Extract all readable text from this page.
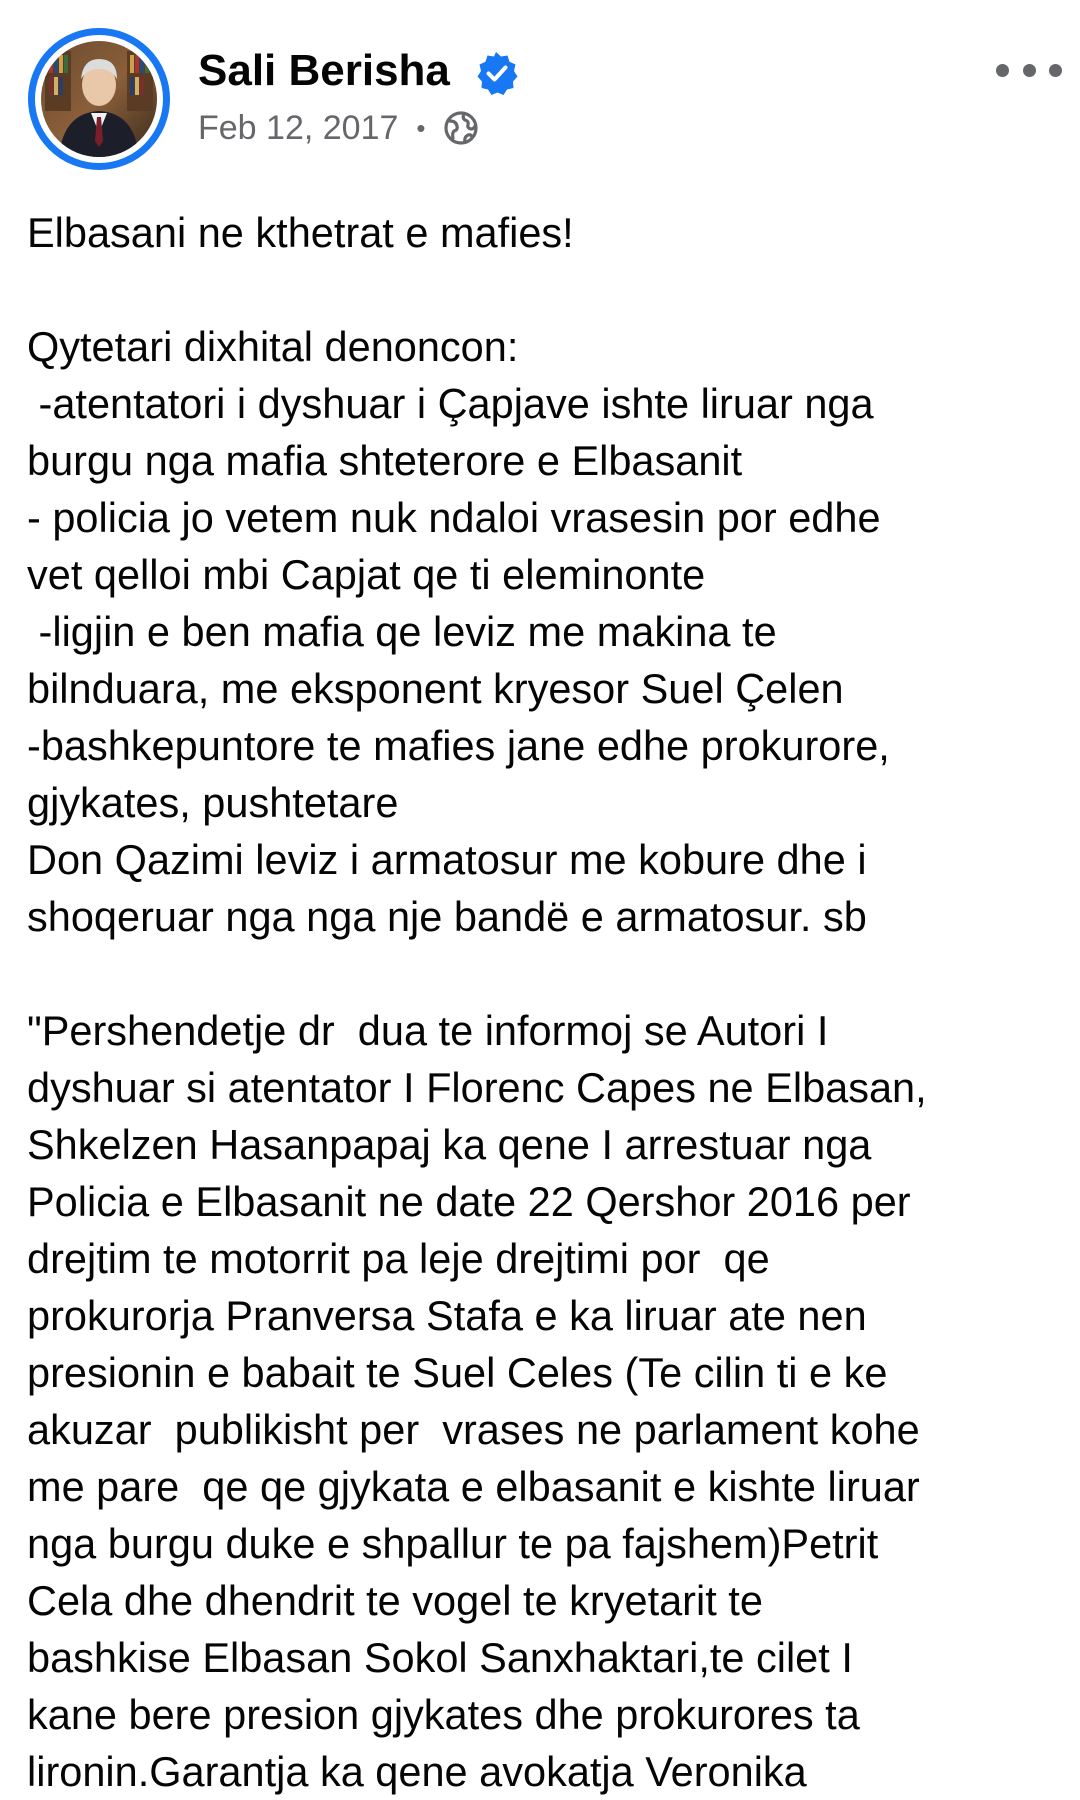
Sali Berisha
Feb 12, 2017 •
Elbasani ne kthetrat e mafies!
Qytetari dixhital denoncon:
-atentatori i dyshuar i Çapjave ishte liruar nga
burgu nga mafia shteterore e Elbasanit
- policia jo vetem nuk ndaloi vrasesin por edhe
vet qelloi mbi Capjat qe ti eleminonte
-ligjin e ben mafia qe leviz me makina te
bilnduara, me eksponent kryesor Suel Çelen
-bashkepuntore te mafies jane edhe prokurore,
gjykates, pushtetare
Don Qazimi leviz i armatosur me kobure dhe i
shoqeruar nga nga nje bandë e armatosur. sb
"Pershendetje dr  dua te informoj se Autori I
dyshuar si atentator I Florenc Capes ne Elbasan,
Shkelzen Hasanpapaj ka qene I arrestuar nga
Policia e Elbasanit ne date 22 Qershor 2016 per
drejtim te motorrit pa leje drejtimi por  qe
prokurorja Pranversa Stafa e ka liruar ate nen
presionin e babait te Suel Celes (Te cilin ti e ke
akuzar  publikisht per  vrases ne parlament kohe
me pare  qe qe gjykata e elbasanit e kishte liruar
nga burgu duke e shpallur te pa fajshem)Petrit
Cela dhe dhendrit te vogel te kryetarit te
bashkise Elbasan Sokol Sanxhaktari,te cilet I
kane bere presion gjykates dhe prokurores ta
lironin.Garantja ka qene avokatja Veronika
